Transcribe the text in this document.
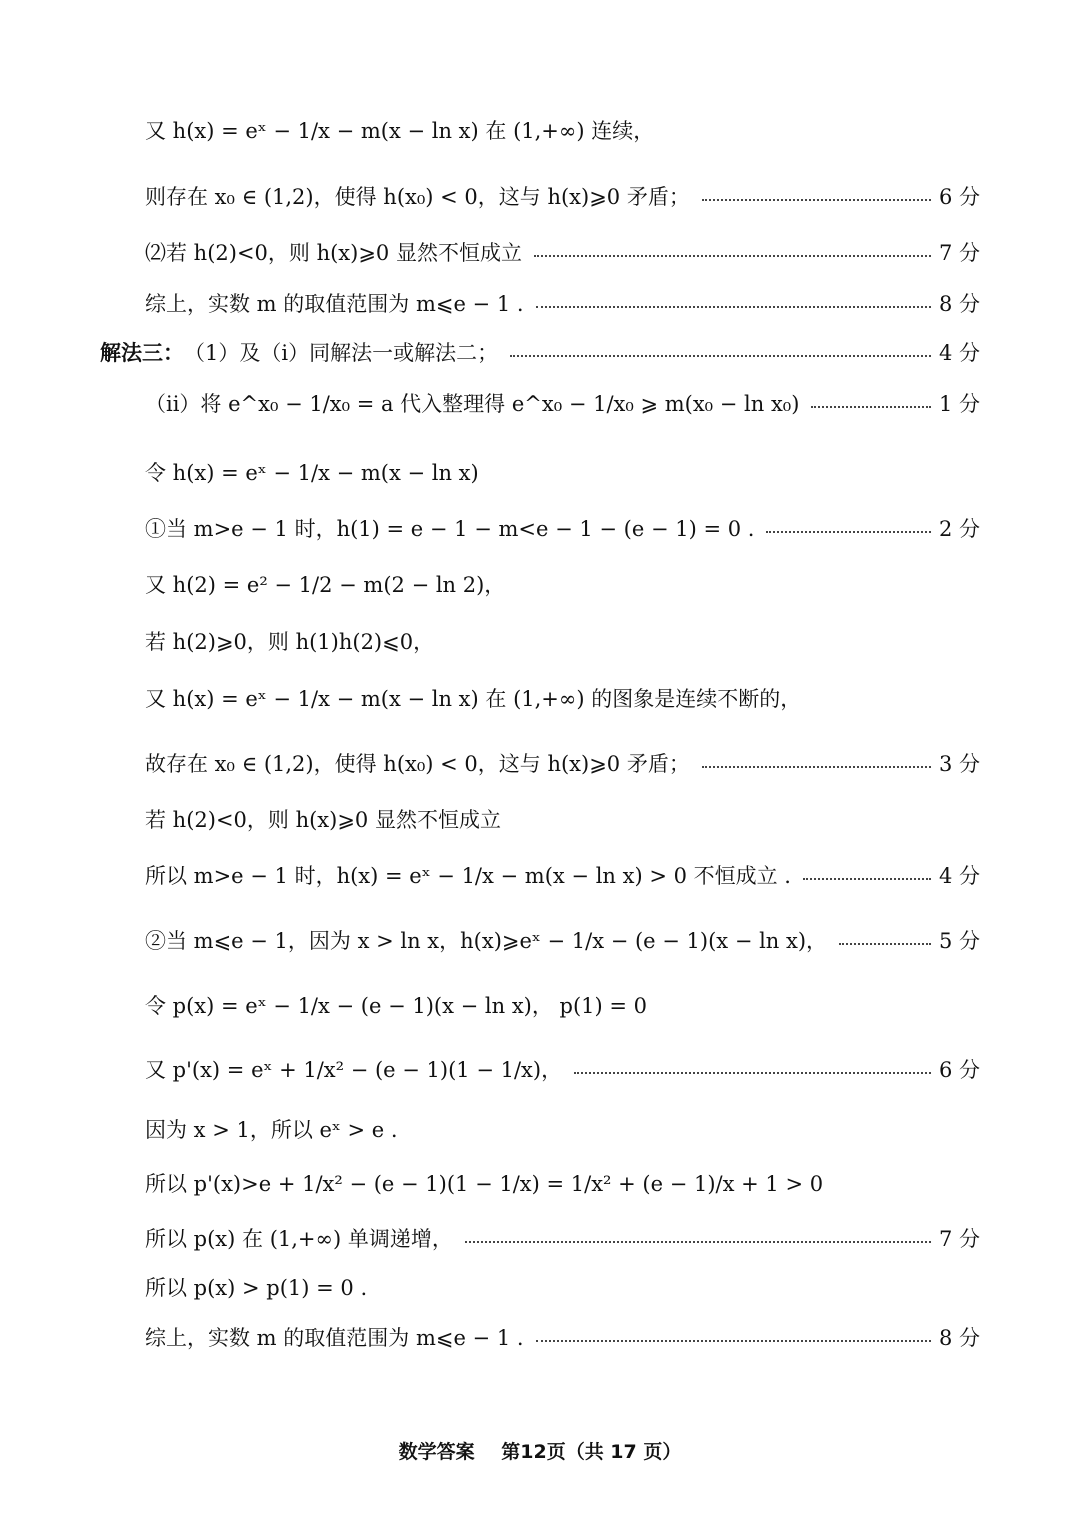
又 h(x) = eˣ − 1/x − m(x − ln x) 在 (1,+∞) 连续，
则存在 x₀ ∈ (1,2)，使得 h(x₀) < 0，这与 h(x)⩾0 矛盾；	6 分
⑵若 h(2)<0，则 h(x)⩾0 显然不恒成立	7 分
综上，实数 m 的取值范围为 m⩽e − 1 .	8 分
解法三： （1）及（i）同解法一或解法二；	4 分
（ii）将 e^x₀ − 1/x₀ = a 代入整理得 e^x₀ − 1/x₀ ⩾ m(x₀ − ln x₀)	1 分
令 h(x) = eˣ − 1/x − m(x − ln x)
①当 m>e − 1 时，h(1) = e − 1 − m<e − 1 − (e − 1) = 0 .	2 分
又 h(2) = e² − 1/2 − m(2 − ln 2)，
若 h(2)⩾0，则 h(1)h(2)⩽0，
又 h(x) = eˣ − 1/x − m(x − ln x) 在 (1,+∞) 的图象是连续不断的，
故存在 x₀ ∈ (1,2)，使得 h(x₀) < 0，这与 h(x)⩾0 矛盾；	3 分
若 h(2)<0，则 h(x)⩾0 显然不恒成立
所以 m>e − 1 时，h(x) = eˣ − 1/x − m(x − ln x) > 0 不恒成立 .	4 分
②当 m⩽e − 1，因为 x > ln x，h(x)⩾eˣ − 1/x − (e − 1)(x − ln x)，	5 分
令 p(x) = eˣ − 1/x − (e − 1)(x − ln x)， p(1) = 0
又 p'(x) = eˣ + 1/x² − (e − 1)(1 − 1/x)，	6 分
因为 x > 1，所以 eˣ > e .
所以 p'(x)>e + 1/x² − (e − 1)(1 − 1/x) = 1/x² + (e − 1)/x + 1 > 0
所以 p(x) 在 (1,+∞) 单调递增，	7 分
所以 p(x) > p(1) = 0 .
综上，实数 m 的取值范围为 m⩽e − 1 .	8 分
数学答案 第12页（共 17 页）
